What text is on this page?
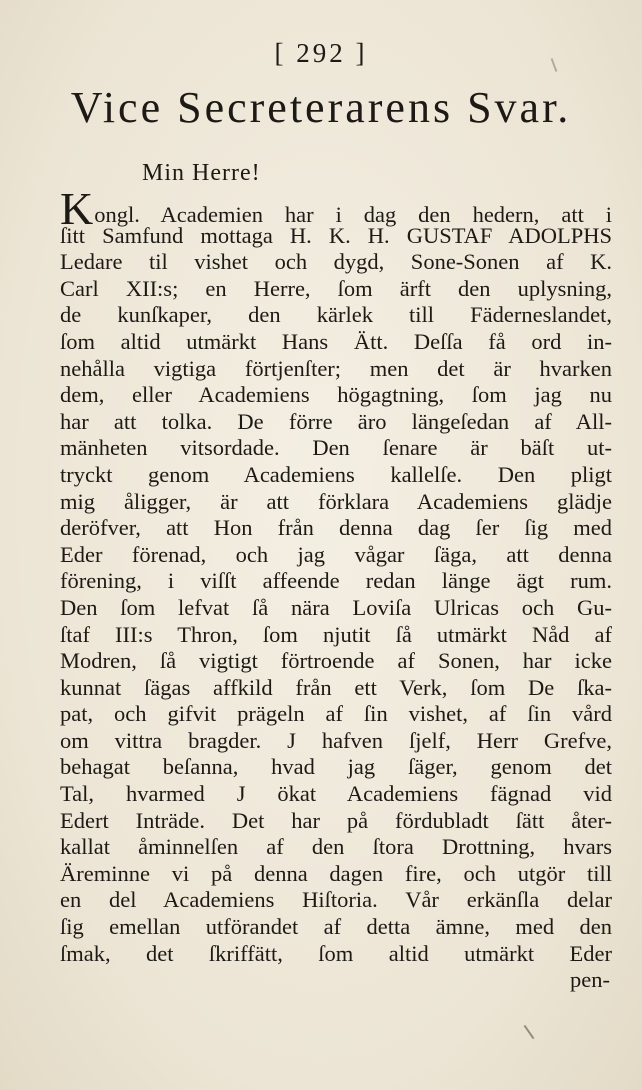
[ 292 ]
Vice Secreterarens Svar.
Min Herre!
Kongl. Academien har i dag den hedern, att i
ſitt Samfund mottaga H. K. H. GUSTAF ADOLPHS
Ledare til vishet och dygd, Sone-Sonen af K.
Carl XII:s; en Herre, ſom ärft den uplysning,
de kunſkaper, den kärlek till Fäderneslandet,
ſom altid utmärkt Hans Ätt. Deſſa få ord in-
nehålla vigtiga förtjenſter; men det är hvarken
dem, eller Academiens högagtning, ſom jag nu
har att tolka. De förre äro längeſedan af All-
mänheten vitsordade. Den ſenare är bäſt ut-
tryckt genom Academiens kallelſe. Den pligt
mig åligger, är att förklara Academiens glädje
deröfver, att Hon från denna dag ſer ſig med
Eder förenad, och jag vågar ſäga, att denna
förening, i viſſt affeende redan länge ägt rum.
Den ſom lefvat ſå nära Loviſa Ulricas och Gu-
ſtaf III:s Thron, ſom njutit ſå utmärkt Nåd af
Modren, ſå vigtigt förtroende af Sonen, har icke
kunnat ſägas affkild från ett Verk, ſom De ſka-
pat, och gifvit prägeln af ſin vishet, af ſin vård
om vittra bragder. J hafven ſjelf, Herr Grefve,
behagat beſanna, hvad jag ſäger, genom det
Tal, hvarmed J ökat Academiens fägnad vid
Edert Inträde. Det har på fördubladt ſätt åter-
kallat åminnelſen af den ſtora Drottning, hvars
Äreminne vi på denna dagen fire, och utgör till
en del Academiens Hiſtoria. Vår erkänſla delar
ſig emellan utförandet af detta ämne, med den
ſmak, det ſkriffätt, ſom altid utmärkt Eder
pen-
